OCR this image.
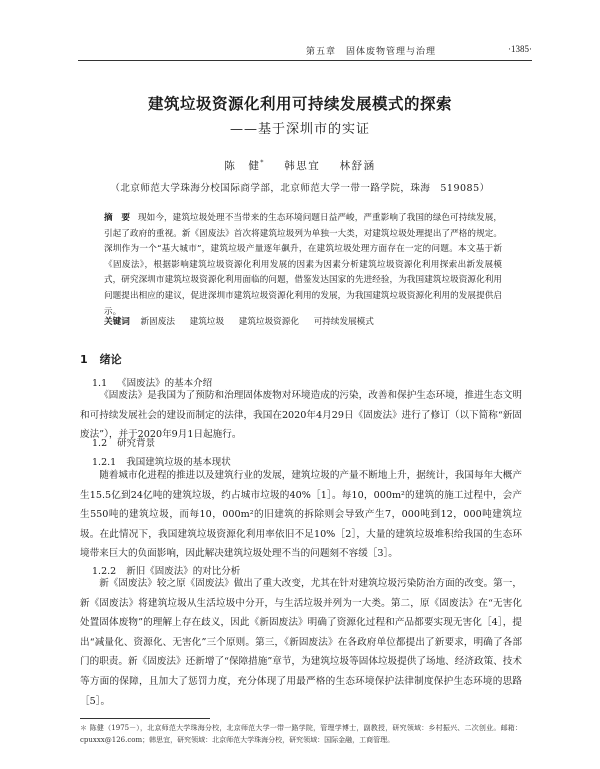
第五章　固体废物管理与治理	·1385·
建筑垃圾资源化利用可持续发展模式的探索
——基于深圳市的实证
陈　健* 韩思宜 林舒涵
（北京师范大学珠海分校国际商学部，北京师范大学一带一路学院，珠海　519085）
摘　要 现如今，建筑垃圾处理不当带来的生态环境问题日益严峻，严重影响了我国的绿色可持续发展，引起了政府的重视。新《固废法》首次将建筑垃圾列为单独一大类，对建筑垃圾处理提出了严格的规定。深圳作为一个“基大城市”，建筑垃圾产量逐年飙升，在建筑垃圾处理方面存在一定的问题。本文基于新《固废法》，根据影响建筑垃圾资源化利用发展的因素为因素分析建筑垃圾资源化利用探索出新发展模式，研究深圳市建筑垃圾资源化利用面临的问题，借鉴发达国家的先进经验，为我国建筑垃圾资源化利用问题提出相应的建议，促进深圳市建筑垃圾资源化利用的发展，为我国建筑垃圾资源化利用的发展提供启示。
关键词 新固废法 建筑垃圾 建筑垃圾资源化 可持续发展模式
1 绪论
1.1 《固废法》的基本介绍

《固废法》是我国为了预防和治理固体废物对环境造成的污染，改善和保护生态环境，推进生态文明和可持续发展社会的建设而制定的法律，我国在2020年4月29日《固废法》进行了修订（以下简称“新固废法”），并于2020年9月1日起施行。

1.2 研究背景
1.2.1 我国建筑垃圾的基本现状

随着城市化进程的推进以及建筑行业的发展，建筑垃圾的产量不断地上升，据统计，我国每年大概产生15.5亿到24亿吨的建筑垃圾，约占城市垃圾的40%［1］。每10，000m²的建筑的施工过程中，会产生550吨的建筑垃圾，而每10，000m²的旧建筑的拆除则会导致产生7，000吨到12，000吨建筑垃圾。在此情况下，我国建筑垃圾资源化利用率依旧不足10%［2］，大量的建筑垃圾堆积给我国的生态环境带来巨大的负面影响，因此解决建筑垃圾处理不当的问题刻不容缓［3］。

1.2.2 新旧《固废法》的对比分析

新《固废法》较之原《固废法》做出了重大改变，尤其在针对建筑垃圾污染防治方面的改变。第一，新《固废法》将建筑垃圾从生活垃圾中分开，与生活垃圾并列为一大类。第二，原《固废法》在“无害化处置固体废物”的理解上存在歧义，因此《新固废法》明确了资源化过程和产品都要实现无害化［4］，提出“减量化、资源化、无害化”三个原则。第三，《新固废法》在各政府单位都提出了新要求，明确了各部门的职责。新《固废法》还新增了“保障措施”章节，为建筑垃圾等固体垃圾提供了场地、经济政策、技术等方面的保障，且加大了惩罚力度，充分体现了用最严格的生态环境保护法律制度保护生态环境的思路［5］。

＊ 陈健（1975－），北京师范大学珠海分校，北京师范大学一带一路学院，管理学博士，副教授，研究领域：乡村振兴、二次创业。邮箱：cpuxxx@126.com；韩思宜，研究领域：北京师范大学珠海分校，研究领域：国际金融，工商管理。
